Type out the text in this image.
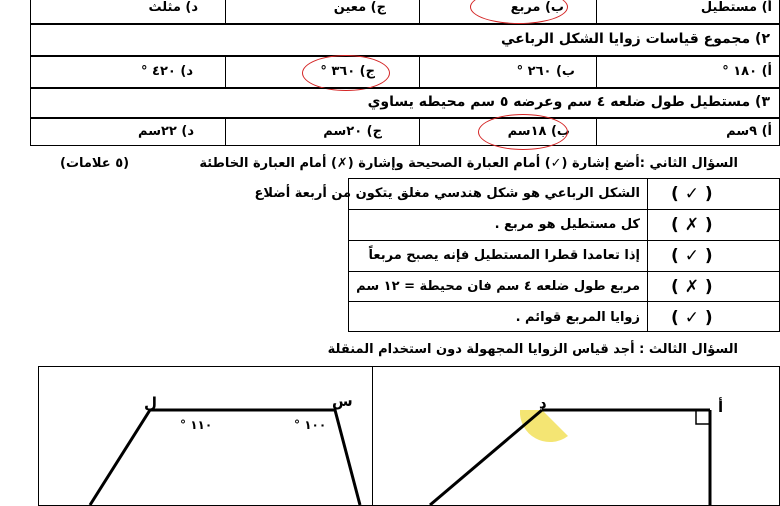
أ) مستطيل
ب) مربع
ج) معين
د) مثلث
٢) مجموع قياسات زوايا الشكل الرباعي
أ) ١٨٠ °
ب) ٢٦٠ °
ج) ٣٦٠ °
د) ٤٢٠ °
٣) مستطيل طول ضلعه ٤ سم وعرضه ٥ سم محيطه يساوي
أ) ٩سم
ب) ١٨سم
ج) ٢٠سم
د) ٢٢سم
السؤال الثاني :أضع إشارة (✓) أمام العبارة الصحيحة وإشارة (✗) أمام العبارة الخاطئة
(٥ علامات)
الشكل الرباعي هو شكل هندسي مغلق يتكون من أربعة أضلاع ( ✓ )
كل مستطيل هو مربع . ( ✗ )
إذا تعامدا قطرا المستطيل فإنه يصبح مربعاً ( ✓ )
مربع طول ضلعه ٤ سم فان محيطة = ١٢ سم ( ✗ )
زوايا المربع قوائم . ( ✓ )
السؤال الثالث : أجد قياس الزوايا المجهولة دون استخدام المنقلة
ل	س
١١٠ °	١٠٠ °
د	أ
